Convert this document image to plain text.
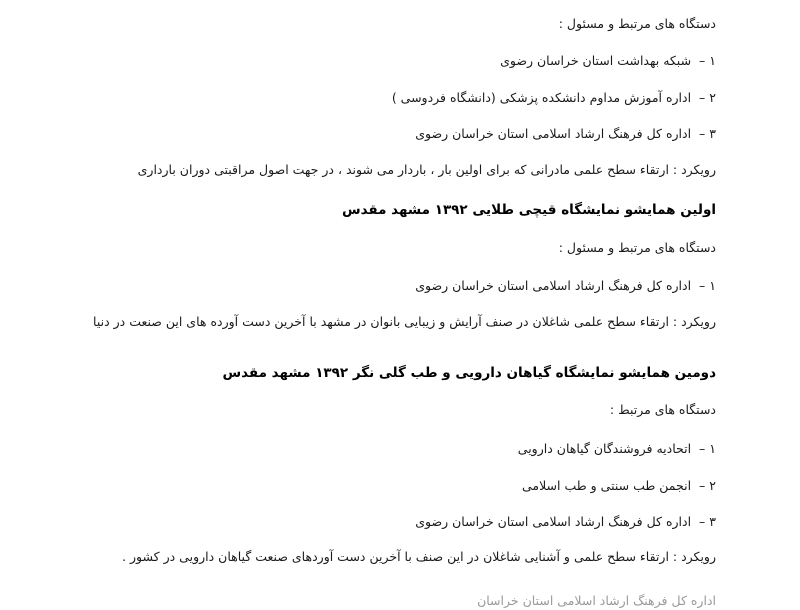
دستگاه های مرتبط و مسئول :
١ – شبکه بهداشت استان خراسان رضوی
٢ – اداره آموزش مداوم دانشکده پزشکی (دانشگاه فردوسی )
٣ – اداره کل فرهنگ ارشاد اسلامی استان خراسان رضوی
رویکرد : ارتقاء سطح علمی مادرانی که برای اولین بار ، باردار می شوند ، در جهت اصول مراقبتی دوران بارداری
اولین همایشو نمایشگاه قیچی طلایی ۱۳۹۲ مشهد مقدس
دستگاه های مرتبط و مسئول :
١ – اداره کل فرهنگ ارشاد اسلامی استان خراسان رضوی
رویکرد : ارتقاء سطح علمی شاغلان در صنف آرایش و زیبایی بانوان در مشهد با آخرین دست آورده های این صنعت در دنیا
دومین همایشو نمایشگاه گیاهان دارویی و طب گلی نگر ۱۳۹۲ مشهد مقدس
دستگاه های مرتبط :
١ – اتحادیه فروشندگان گیاهان دارویی
٢ – انجمن طب سنتی و طب اسلامی
٣ – اداره کل فرهنگ ارشاد اسلامی استان خراسان رضوی
رویکرد : ارتقاء سطح علمی و آشنایی شاغلان در این صنف با آخرین دست آوردهای صنعت گیاهان دارویی در کشور .
اداره کل فرهنگ ارشاد اسلامی استان خراسان
